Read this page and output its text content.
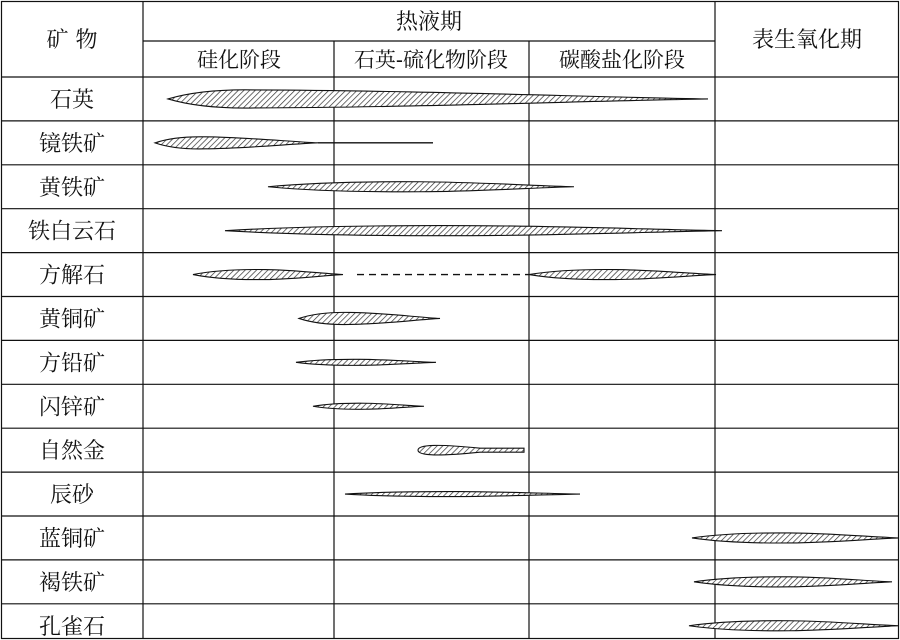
矿 物
热液期
表生氧化期
硅化阶段	石英-硫化物阶段 碳酸盐化阶段
石英
镜铁矿
黄铁矿
铁白云石
方解石
黄铜矿
方铅矿
闪锌矿
自然金
辰砂
蓝铜矿
褐铁矿
孔雀石
